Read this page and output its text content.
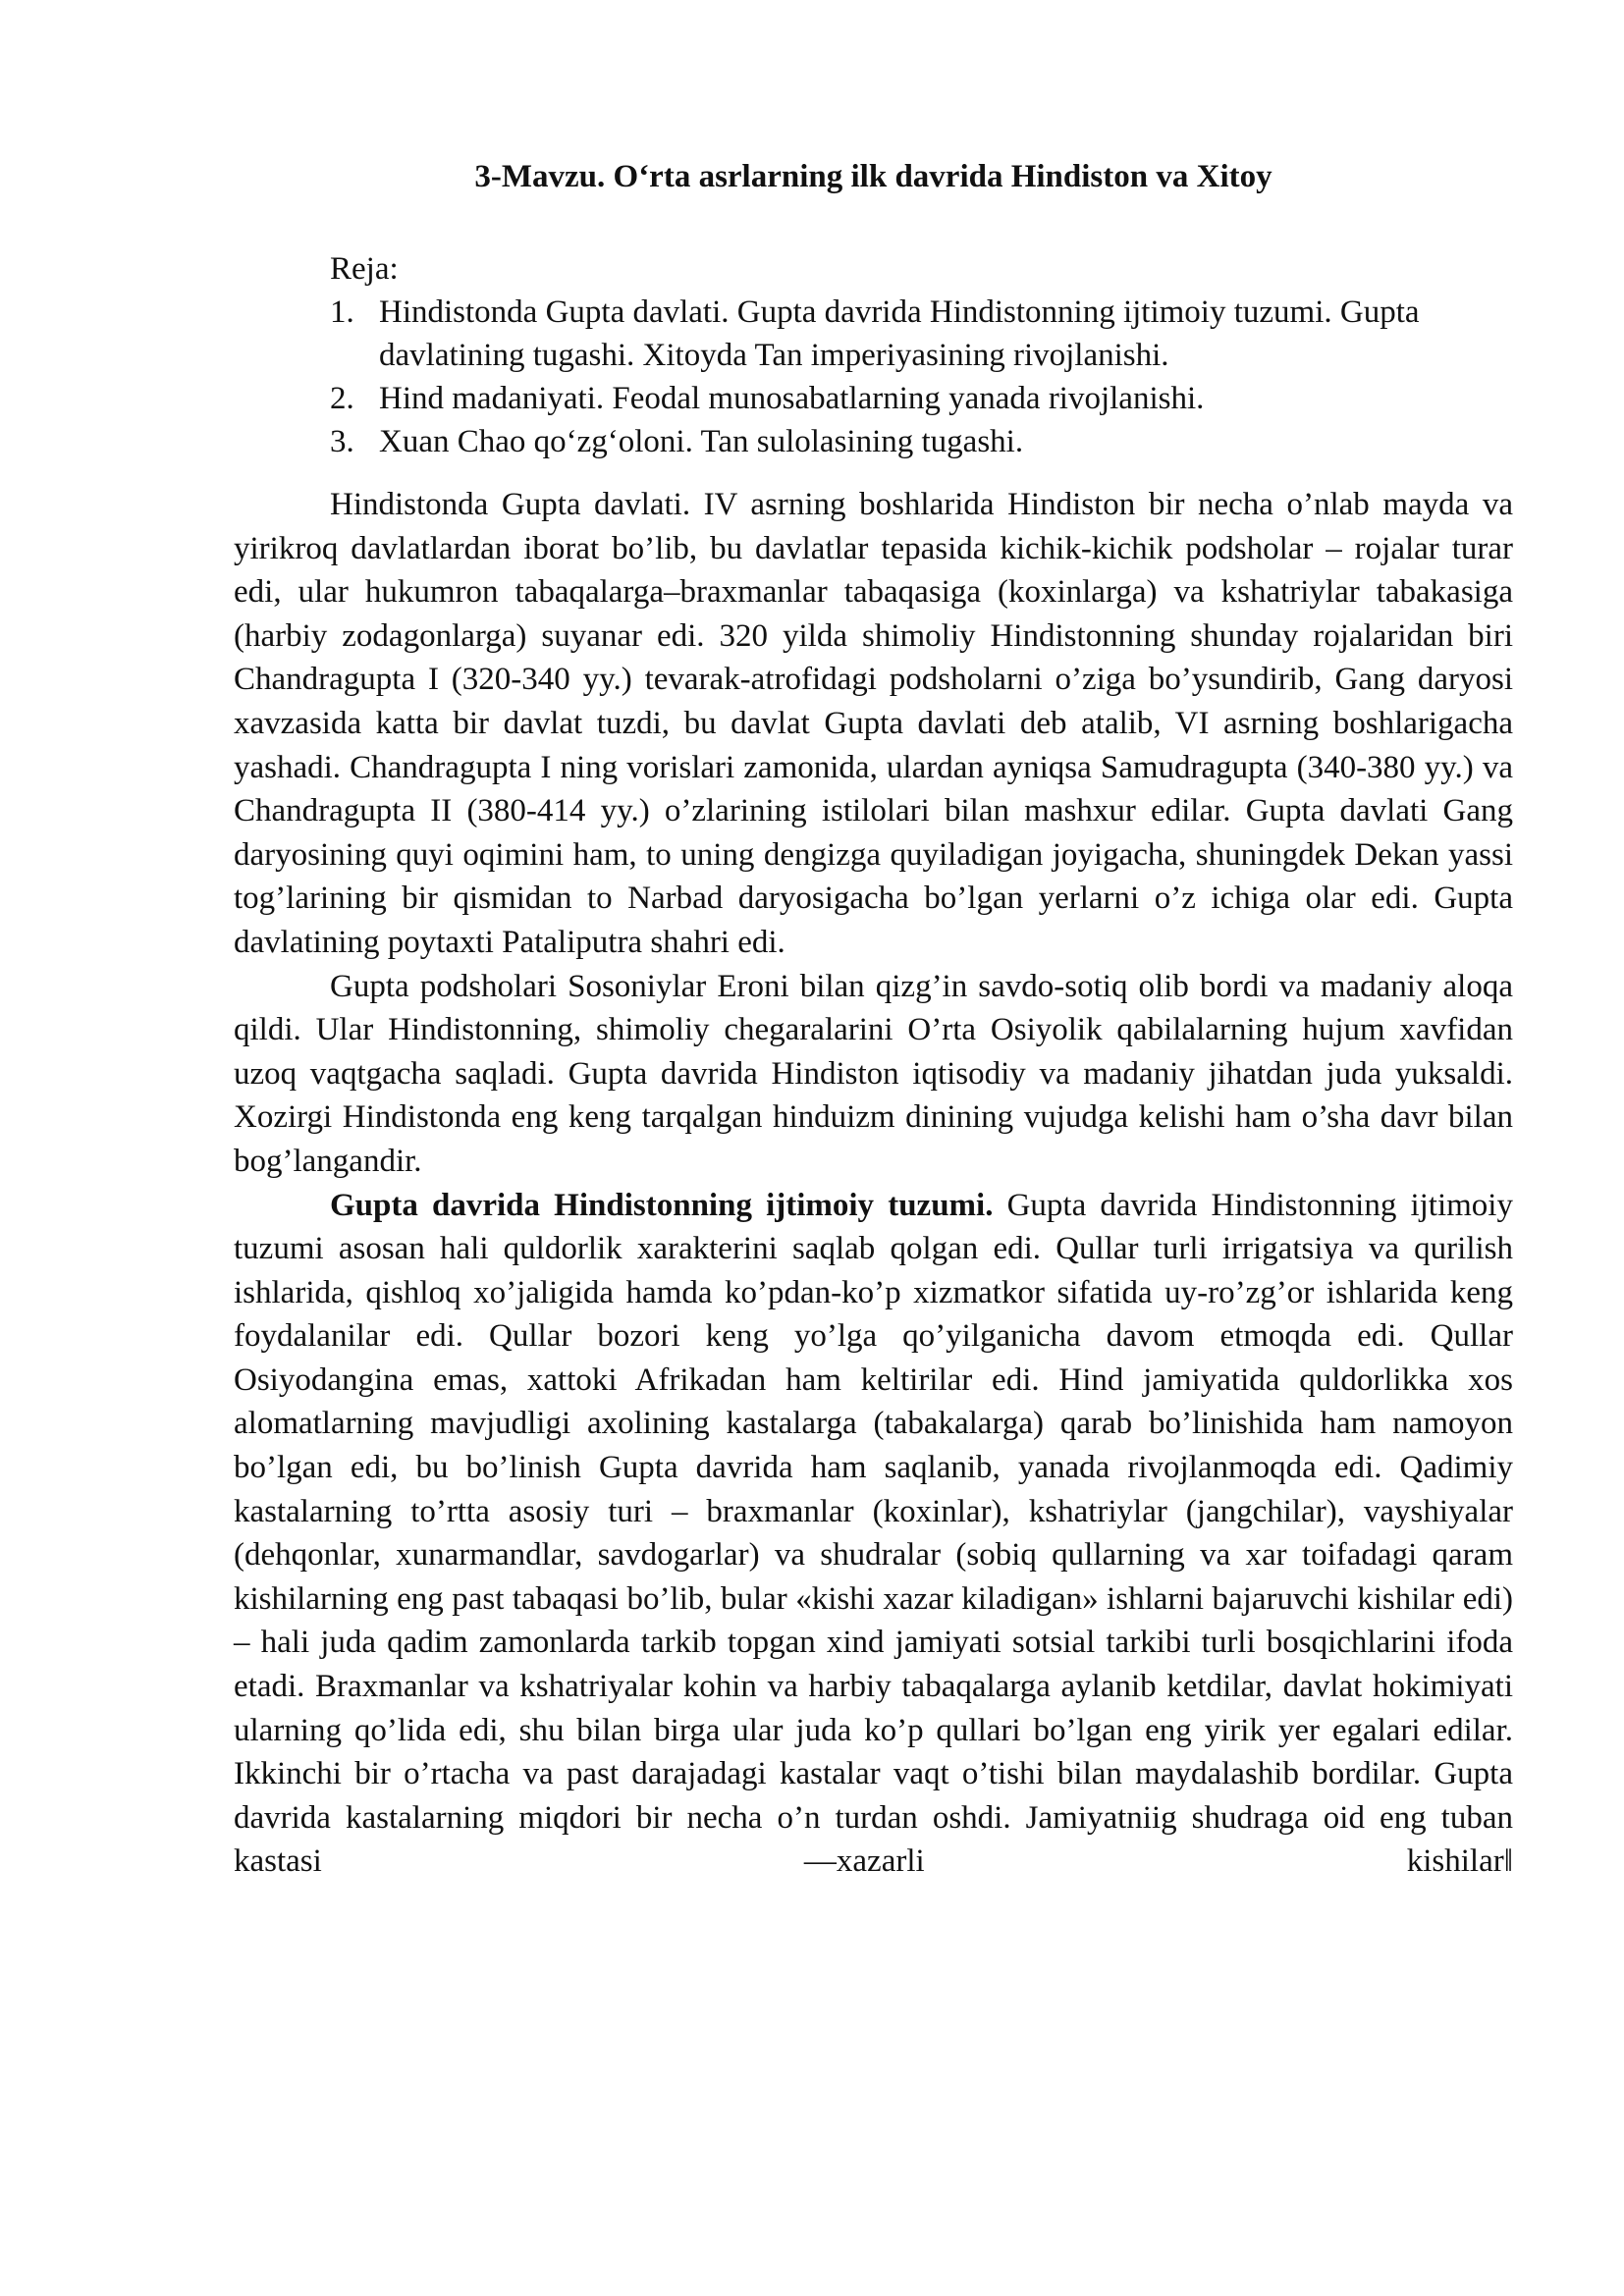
3-Mavzu. O‘rta asrlarning ilk davrida Hindiston va Xitoy

Reja:

1. Hindistonda Gupta davlati. Gupta davrida Hindistonning ijtimoiy tuzumi. Gupta davlatining tugashi. Xitoyda Tan imperiyasining rivojlanishi.
2. Hind madaniyati. Feodal munosabatlarning yanada rivojlanishi.
3. Xuan Chao qo‘zg‘oloni. Tan sulolasining tugashi.

Hindistonda Gupta davlati. IV asrning boshlarida Hindiston bir necha o’nlab mayda va yirikroq davlatlardan iborat bo’lib, bu davlatlar tepasida kichik-kichik podsholar – rojalar turar edi, ular hukumron tabaqalarga–braxmanlar tabaqasiga (koxinlarga) va kshatriylar tabakasiga (harbiy zodagonlarga) suyanar edi. 320 yilda shimoliy Hindistonning shunday rojalaridan biri Chandragupta I (320-340 yy.) tevarak-atrofidagi podsholarni o’ziga bo’ysundirib, Gang daryosi xavzasida katta bir davlat tuzdi, bu davlat Gupta davlati deb atalib, VI asrning boshlarigacha yashadi. Chandragupta I ning vorislari zamonida, ulardan ayniqsa Samudragupta (340-380 yy.) va Chandragupta II (380-414 yy.) o’zlarining istilolari bilan mashxur edilar. Gupta davlati Gang daryosining quyi oqimini ham, to uning dengizga quyiladigan joyigacha, shuningdek Dekan yassi tog’larining bir qismidan to Narbad daryosigacha bo’lgan yerlarni o’z ichiga olar edi. Gupta davlatining poytaxti Pataliputra shahri edi.

Gupta podsholari Sosoniylar Eroni bilan qizg’in savdo-sotiq olib bordi va madaniy aloqa qildi. Ular Hindistonning, shimoliy chegaralarini O’rta Osiyolik qabilalarning hujum xavfidan uzoq vaqtgacha saqladi. Gupta davrida Hindiston iqtisodiy va madaniy jihatdan juda yuksaldi. Xozirgi Hindistonda eng keng tarqalgan hinduizm dinining vujudga kelishi ham o’sha davr bilan bog’langandir.

Gupta davrida Hindistonning ijtimoiy tuzumi. Gupta davrida Hindistonning ijtimoiy tuzumi asosan hali quldorlik xarakterini saqlab qolgan edi. Qullar turli irrigatsiya va qurilish ishlarida, qishloq xo’jaligida hamda ko’pdan-ko’p xizmatkor sifatida uy-ro’zg’or ishlarida keng foydalanilar edi. Qullar bozori keng yo’lga qo’yilganicha davom etmoqda edi. Qullar Osiyodangina emas, xattoki Afrikadan ham keltirilar edi. Hind jamiyatida quldorlikka xos alomatlarning mavjudligi axolining kastalarga (tabakalarga) qarab bo’linishida ham namoyon bo’lgan edi, bu bo’linish Gupta davrida ham saqlanib, yanada rivojlanmoqda edi. Qadimiy kastalarning to’rtta asosiy turi – braxmanlar (koxinlar), kshatriylar (jangchilar), vayshiyalar (dehqonlar, xunarmandlar, savdogarlar) va shudralar (sobiq qullarning va xar toifadagi qaram kishilarning eng past tabaqasi bo’lib, bular «kishi xazar kiladigan» ishlarni bajaruvchi kishilar edi) – hali juda qadim zamonlarda tarkib topgan xind jamiyati sotsial tarkibi turli bosqichlarini ifoda etadi. Braxmanlar va kshatriyalar kohin va harbiy tabaqalarga aylanib ketdilar, davlat hokimiyati ularning qo’lida edi, shu bilan birga ular juda ko’p qullari bo’lgan eng yirik yer egalari edilar. Ikkinchi bir o’rtacha va past darajadagi kastalar vaqt o’tishi bilan maydalashib bordilar. Gupta davrida kastalarning miqdori bir necha o’n turdan oshdi. Jamiyatniig shudraga oid eng tuban kastasi ―xazarli kishilar‖
